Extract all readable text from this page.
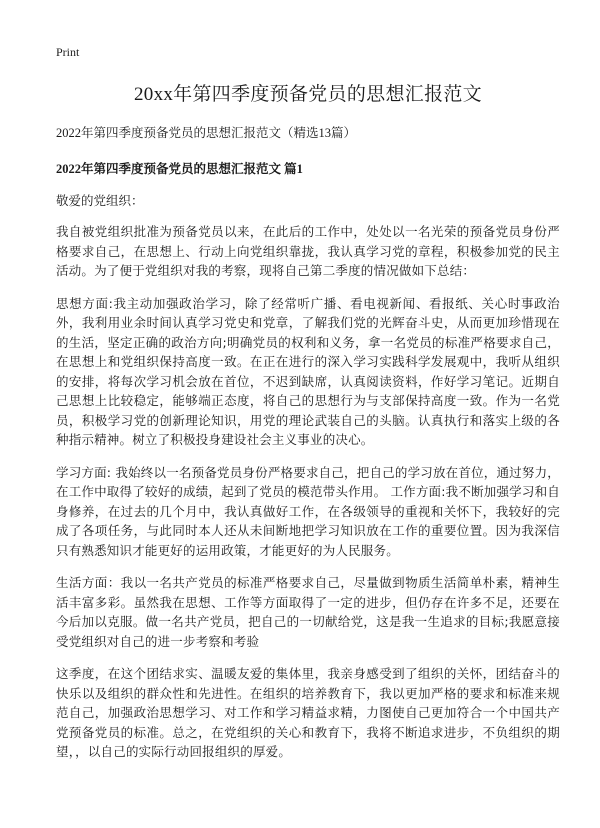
Print
20xx年第四季度预备党员的思想汇报范文
2022年第四季度预备党员的思想汇报范文（精选13篇）
2022年第四季度预备党员的思想汇报范文 篇1
敬爱的党组织：

我自被党组织批准为预备党员以来，在此后的工作中，处处以一名光荣的预备党员身份严格要求自己，在思想上、行动上向党组织靠拢，我认真学习党的章程，积极参加党的民主活动。为了便于党组织对我的考察，现将自己第二季度的情况做如下总结：

思想方面:我主动加强政治学习，除了经常听广播、看电视新闻、看报纸、关心时事政治外，我利用业余时间认真学习党史和党章，了解我们党的光辉奋斗史，从而更加珍惜现在的生活，坚定正确的政治方向;明确党员的权利和义务，拿一名党员的标准严格要求自己，在思想上和党组织保持高度一致。在正在进行的深入学习实践科学发展观中，我听从组织的安排，将每次学习机会放在首位，不迟到缺席，认真阅读资料，作好学习笔记。近期自己思想上比较稳定，能够端正态度，将自己的思想行为与支部保持高度一致。作为一名党员，积极学习党的创新理论知识，用党的理论武装自己的头脑。认真执行和落实上级的各种指示精神。树立了积极投身建设社会主义事业的决心。

学习方面: 我始终以一名预备党员身份严格要求自己，把自己的学习放在首位，通过努力，在工作中取得了较好的成绩，起到了党员的模范带头作用。 工作方面:我不断加强学习和自身修养，在过去的几个月中，我认真做好工作，在各级领导的重视和关怀下，我较好的完成了各项任务，与此同时本人还从未间断地把学习知识放在工作的重要位置。因为我深信只有熟悉知识才能更好的运用政策，才能更好的为人民服务。

生活方面：我以一名共产党员的标准严格要求自己，尽量做到物质生活简单朴素，精神生活丰富多彩。虽然我在思想、工作等方面取得了一定的进步，但仍存在许多不足，还要在今后加以克服。做一名共产党员，把自己的一切献给党，这是我一生追求的目标;我愿意接受党组织对自己的进一步考察和考验

这季度，在这个团结求实、温暖友爱的集体里，我亲身感受到了组织的关怀，团结奋斗的快乐以及组织的群众性和先进性。在组织的培养教育下，我以更加严格的要求和标准来规范自己，加强政治思想学习、对工作和学习精益求精，力图使自己更加符合一个中国共产党预备党员的标准。总之，在党组织的关心和教育下，我将不断追求进步，不负组织的期望，，以自己的实际行动回报组织的厚爱。
